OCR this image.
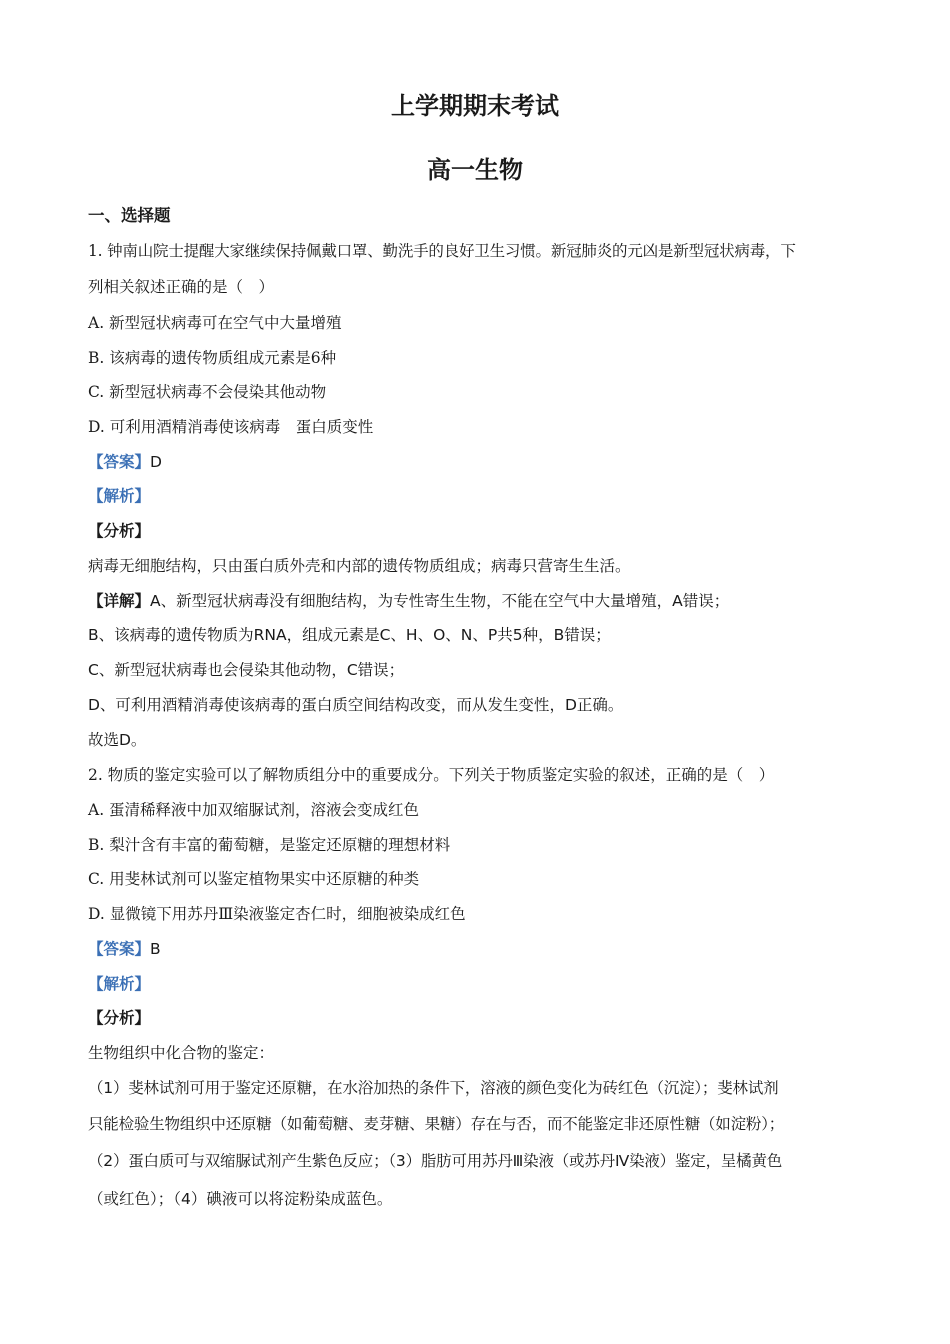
上学期期末考试
高一生物
一、选择题
1. 钟南山院士提醒大家继续保持佩戴口罩、勤洗手的良好卫生习惯。新冠肺炎的元凶是新型冠状病毒，下
列相关叙述正确的是（　）
A. 新型冠状病毒可在空气中大量增殖
B. 该病毒的遗传物质组成元素是6种
C. 新型冠状病毒不会侵染其他动物
D. 可利用酒精消毒使该病毒　蛋白质变性
【答案】D
【解析】
【分析】
病毒无细胞结构，只由蛋白质外壳和内部的遗传物质组成；病毒只营寄生生活。
【详解】A、新型冠状病毒没有细胞结构，为专性寄生生物，不能在空气中大量增殖，A错误；
B、该病毒的遗传物质为RNA，组成元素是C、H、O、N、P共5种，B错误；
C、新型冠状病毒也会侵染其他动物，C错误；
D、可利用酒精消毒使该病毒的蛋白质空间结构改变，而从发生变性，D正确。
故选D。
2. 物质的鉴定实验可以了解物质组分中的重要成分。下列关于物质鉴定实验的叙述，正确的是（　）
A. 蛋清稀释液中加双缩脲试剂，溶液会变成红色
B. 梨汁含有丰富的葡萄糖，是鉴定还原糖的理想材料
C. 用斐林试剂可以鉴定植物果实中还原糖的种类
D. 显微镜下用苏丹Ⅲ染液鉴定杏仁时，细胞被染成红色
【答案】B
【解析】
【分析】
生物组织中化合物的鉴定：
（1）斐林试剂可用于鉴定还原糖，在水浴加热的条件下，溶液的颜色变化为砖红色（沉淀）；斐林试剂
只能检验生物组织中还原糖（如葡萄糖、麦芽糖、果糖）存在与否，而不能鉴定非还原性糖（如淀粉）；
（2）蛋白质可与双缩脲试剂产生紫色反应；（3）脂肪可用苏丹Ⅲ染液（或苏丹Ⅳ染液）鉴定，呈橘黄色
（或红色）；（4）碘液可以将淀粉染成蓝色。
